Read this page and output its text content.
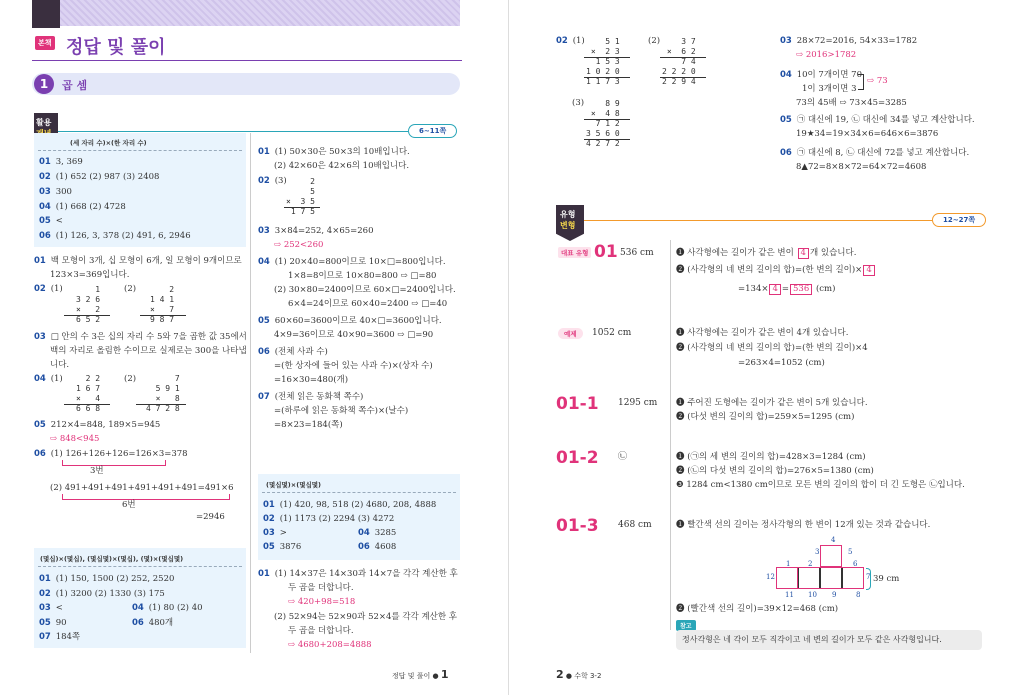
본책 정답 및 풀이
1	곱 셈
활용
6~11쪽
(세 자리 수)×(한 자리 수)
01 3, 369
02 (1) 652 (2) 987 (3) 2408
03 300
04 (1) 668 (2) 4728
05 <
06 (1) 126, 3, 378 (2) 491, 6, 2946
01 백 모형이 3개, 십 모형이 6개, 일 모형이 9개이므로
123×3=369입니다.
02 (1)	(2)
1
3 2 6
×   2
6 5 2
2
1 4 1
×   7
9 8 7
03 □ 안의 수 3은 십의 자리 수 5와 7을 곱한 값 35에서
백의 자리로 올림한 수이므로 실제로는 300을 나타냅
니다.
04 (1)	(2)
2 2
1 6 7
×   4
6 6 8
7
5 9 1
×   8
4 7 2 8
05 212×4=848, 189×5=945
⇨ 848<945
06 (1) 126+126+126=126×3=378
3번
(2) 491+491+491+491+491+491=491×6
6번
=2946
(몇십)×(몇십), (몇십몇)×(몇십), (몇)×(몇십몇)
01 (1) 150, 1500 (2) 252, 2520
02 (1) 3200 (2) 1330 (3) 175
03 <	04 (1) 80 (2) 40
05 90	06 480개
07 184쪽
01 (1) 50×30은 50×3의 10배입니다.
(2) 42×60은 42×6의 10배입니다.
02 (3)	2
5
×  3 5
1 7 5
03 3×84=252, 4×65=260
⇨ 252<260
04 (1) 20×40=800이므로 10×□=800입니다.
1×8=8이므로 10×80=800 ⇨ □=80
(2) 30×80=2400이므로 60×□=2400입니다.
6×4=24이므로 60×40=2400 ⇨ □=40
05 60×60=3600이므로 40×□=3600입니다.
4×9=36이므로 40×90=3600 ⇨ □=90
06 (전체 사과 수)
=(한 상자에 들어 있는 사과 수)×(상자 수)
=16×30=480(개)
07 (전체 읽은 동화책 쪽수)
=(하루에 읽은 동화책 쪽수)×(날수)
=8×23=184(쪽)
(몇십몇)×(몇십몇)
01 (1) 420, 98, 518 (2) 4680, 208, 4888
02 (1) 1173 (2) 2294 (3) 4272
03 >	04 3285
05 3876	06 4608
01 (1) 14×37은 14×30과 14×7을 각각 계산한 후
두 곱을 더합니다.
⇨ 420+98=518
(2) 52×94는 52×90과 52×4를 각각 계산한 후
두 곱을 더합니다.
⇨ 4680+208=4888
정답 및 풀이 ● 1
02 (1)	(2)
(3)
5 1
×  2 3
1 5 3
1 0 2 0
1 1 7 3
3 7
×  6 2
7 4
2 2 2 0
2 2 9 4
8 9
×  4 8
7 1 2
3 5 6 0
4 2 7 2
03 28×72=2016, 54×33=1782
⇨ 2016>1782
04 10이 7개이면 70
1이 3개이면 3
⇨ 73
73의 45배 ⇨ 73×45=3285
05 ㉠ 대신에 19, ㉡ 대신에 34를 넣고 계산합니다.
19★34=19×34×6=646×6=3876
06 ㉠ 대신에 8, ㉡ 대신에 72를 넣고 계산합니다.
8▲72=8×8×72=64×72=4608
유형
변형
12~27쪽
대표 유형 01 536 cm	❶ 사각형에는 길이가 같은 변이 4 개 있습니다.
❷ (사각형의 네 변의 길이의 합)=(한 변의 길이)× 4
=134× 4 = 536 (cm)
예제	1052 cm	❶ 사각형에는 길이가 같은 변이 4개 있습니다.
❷ (사각형의 네 변의 길이의 합)=(한 변의 길이)×4
=263×4=1052 (cm)
01-1 1295 cm ❶ 주어진 도형에는 길이가 같은 변이 5개 있습니다.
❷ (다섯 변의 길이의 합)=259×5=1295 (cm)
01-2 ㉡	❶ (㉠의 세 변의 길이의 합)=428×3=1284 (cm)
❷ (㉡의 다섯 변의 길이의 합)=276×5=1380 (cm)
❸ 1284 cm<1380 cm이므로 모든 변의 길이의 합이 더 긴 도형은 ㉡입니다.
01-3 468 cm	❶ 빨간색 선의 길이는 정사각형의 한 변이 12개 있는 것과 같습니다.
1	2
3
4
5
6
7
8
9
10
11
12	39 cm
❷ (빨간색 선의 길이)=39×12=468 (cm)
참고
정사각형은 네 각이 모두 직각이고 네 변의 길이가 모두 같은 사각형입니다.
2 ● 수학 3-2
